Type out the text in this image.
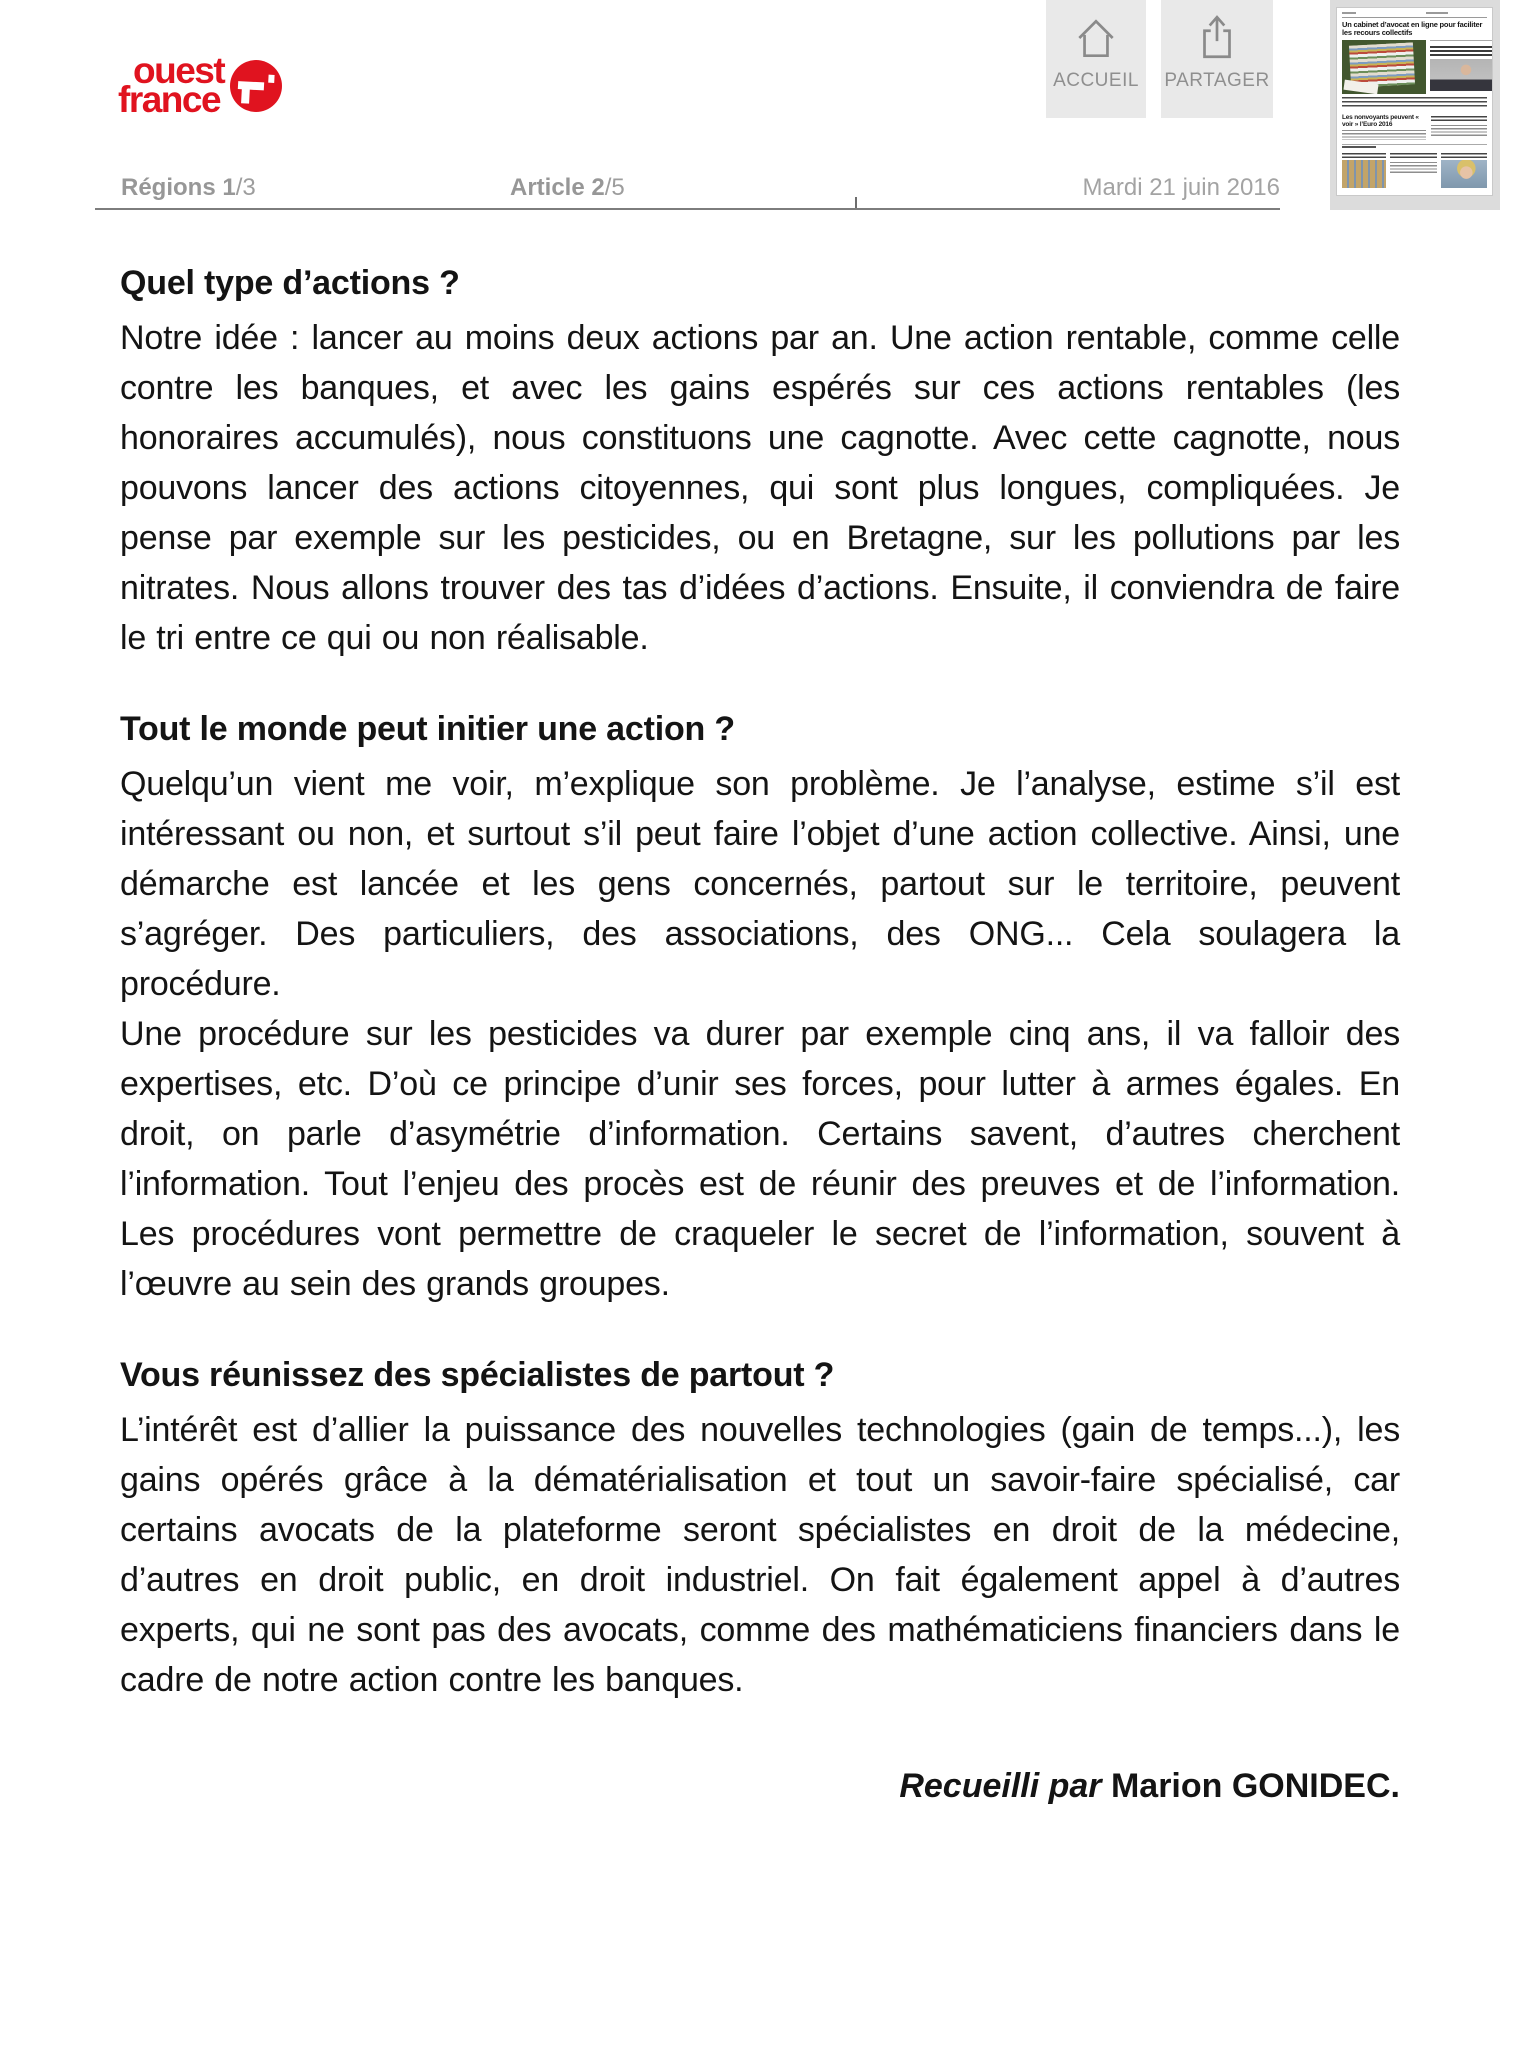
ouest
france	ACCUEIL PARTAGER
Un cabinet d’avocat en ligne pour faciliter les recours collectifs
Les nonvoyants peuvent « voir » l’Euro 2016
Régions 1/3	Article 2/5	Mardi 21 juin 2016
Quel type d’actions ?

Notre idée : lancer au moins deux actions par an. Une action rentable, comme celle contre les banques, et avec les gains espérés sur ces actions rentables (les honoraires accumulés), nous constituons une cagnotte. Avec cette cagnotte, nous pouvons lancer des actions citoyennes, qui sont plus longues, compliquées. Je pense par exemple sur les pesticides, ou en Bretagne, sur les pollutions par les nitrates. Nous allons trouver des tas d’idées d’actions. Ensuite, il conviendra de faire le tri entre ce qui ou non réalisable.

Tout le monde peut initier une action ?

Quelqu’un vient me voir, m’explique son problème. Je l’analyse, estime s’il est intéressant ou non, et surtout s’il peut faire l’objet d’une action collective. Ainsi, une démarche est lancée et les gens concernés, partout sur le territoire, peuvent s’agréger. Des particuliers, des associations, des ONG... Cela soulagera la procédure.

Une procédure sur les pesticides va durer par exemple cinq ans, il va falloir des expertises, etc. D’où ce principe d’unir ses forces, pour lutter à armes égales. En droit, on parle d’asymétrie d’information. Certains savent, d’autres cherchent l’information. Tout l’enjeu des procès est de réunir des preuves et de l’information. Les procédures vont permettre de craqueler le secret de l’information, souvent à l’œuvre au sein des grands groupes.

Vous réunissez des spécialistes de partout ?

L’intérêt est d’allier la puissance des nouvelles technologies (gain de temps...), les gains opérés grâce à la dématérialisation et tout un savoir-faire spécialisé, car certains avocats de la plateforme seront spécialistes en droit de la médecine, d’autres en droit public, en droit industriel. On fait également appel à d’autres experts, qui ne sont pas des avocats, comme des mathématiciens financiers dans le cadre de notre action contre les banques.

Recueilli par Marion GONIDEC.
